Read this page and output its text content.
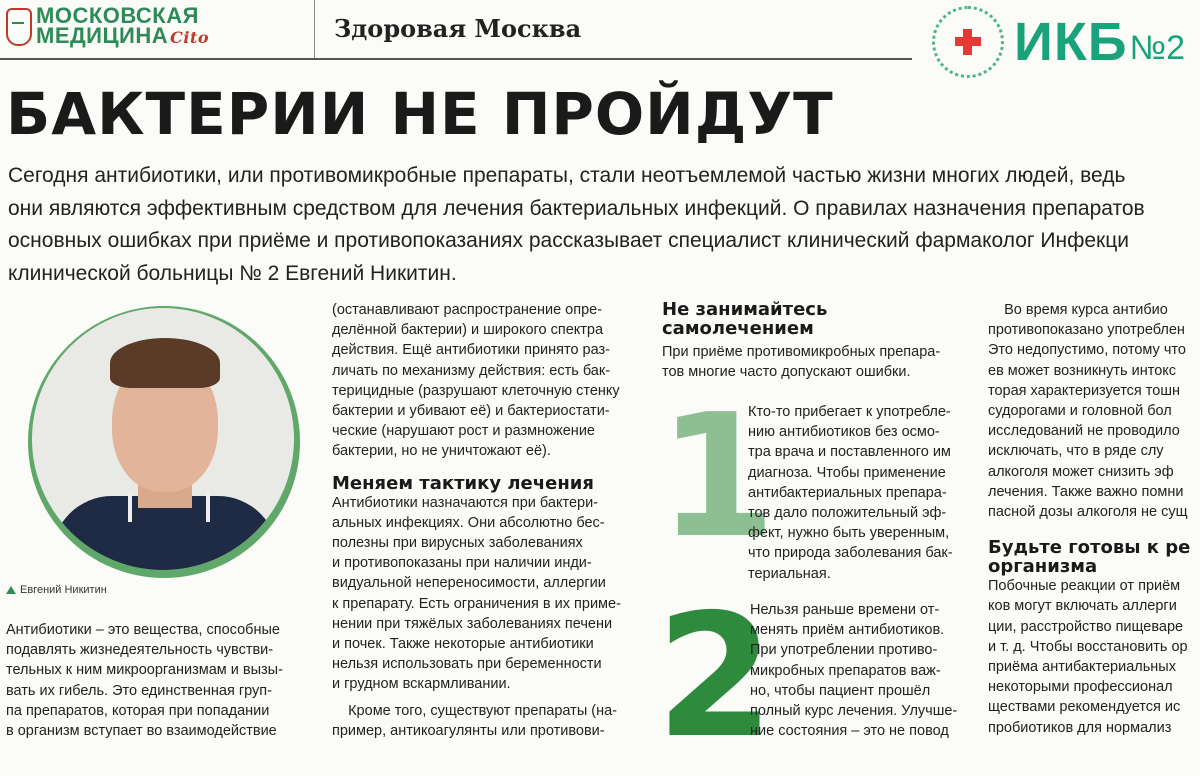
МОСКОВСКАЯ
МЕДИЦИНА Cito	Здоровая Москва	ИКБ №2
БАКТЕРИИ НЕ ПРОЙДУТ
Сегодня антибиотики, или противомикробные препараты, стали неотъемлемой частью жизни многих людей, ведь
они являются эффективным средством для лечения бактериальных инфекций. О правилах назначения препаратов
основных ошибках при приёме и противопоказаниях рассказывает специалист клинический фармаколог Инфекци
клинической больницы № 2 Евгений Никитин.
Евгений Никитин
Антибиотики – это вещества, способные
подавлять жизнедеятельность чувстви-
тельных к ним микроорганизмам и вызы-
вать их гибель. Это единственная груп-
па препаратов, которая при попадании
в организм вступает во взаимодействие
(останавливают распространение опре-
делённой бактерии) и широкого спектра
действия. Ещё антибиотики принято раз-
личать по механизму действия: есть бак-
терицидные (разрушают клеточную стенку
бактерии и убивают её) и бактериостати-
ческие (нарушают рост и размножение
бактерии, но не уничтожают её).
Меняем тактику лечения
Антибиотики назначаются при бактери-
альных инфекциях. Они абсолютно бес-
полезны при вирусных заболеваниях
и противопоказаны при наличии инди-
видуальной непереносимости, аллергии
к препарату. Есть ограничения в их приме-
нении при тяжёлых заболеваниях печени
и почек. Также некоторые антибиотики
нельзя использовать при беременности
и грудном вскармливании.
Кроме того, существуют препараты (на-
пример, антикоагулянты или противови-
Не занимайтесь
самолечением
При приёме противомикробных препара-
тов многие часто допускают ошибки.
1
Кто-то прибегает к употребле-
нию антибиотиков без осмо-
тра врача и поставленного им
диагноза. Чтобы применение
антибактериальных препара-
тов дало положительный эф-
фект, нужно быть уверенным,
что природа заболевания бак-
териальная.
2
Нельзя раньше времени от-
менять приём антибиотиков.
При употреблении противо-
микробных препаратов важ-
но, чтобы пациент прошёл
полный курс лечения. Улучше-
ние состояния – это не повод
Во время курса антибио
противопоказано употреблен
Это недопустимо, потому что
ев может возникнуть интокс
торая характеризуется тошн
судорогами и головной бол
исследований не проводило
исключать, что в ряде слу
алкоголя может снизить эф
лечения. Также важно помни
пасной дозы алкоголя не сущ
Будьте готовы к ре
организма
Побочные реакции от приём
ков могут включать аллерги
ции, расстройство пищеваре
и т. д. Чтобы восстановить ор
приёма антибактериальных
некоторыми профессионал
ществами рекомендуется ис
пробиотиков для нормализ
